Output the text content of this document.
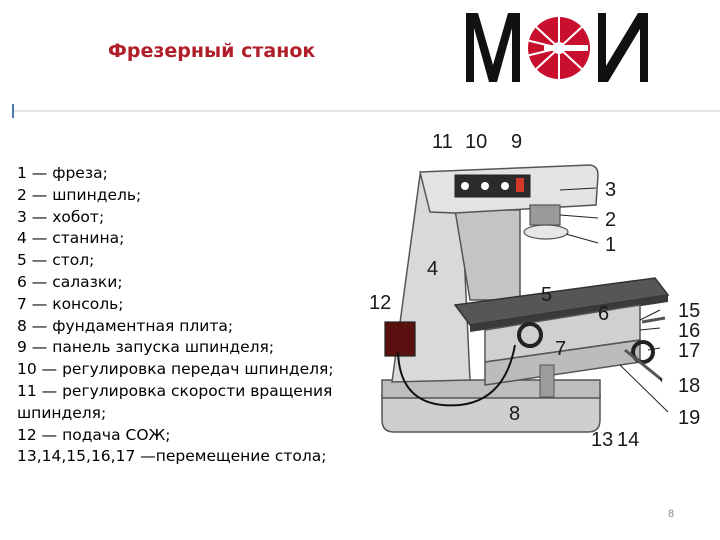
Фрезерный станок
1 — фреза;
2 — шпиндель;
3 — хобот;
4 — станина;
5 — стол;
6 — салазки;
7 — консоль;
8 — фундаментная плита;
9 — панель запуска шпинделя;
10 — регулировка передач шпинделя;
11 — регулировка скорости вращения
шпинделя;
12 — подача СОЖ;
13,14,15,16,17 —перемещение стола;
11 10 9
3
2
1
4
5
6
12
7
8
13 14
15
16
17
18
19
8
